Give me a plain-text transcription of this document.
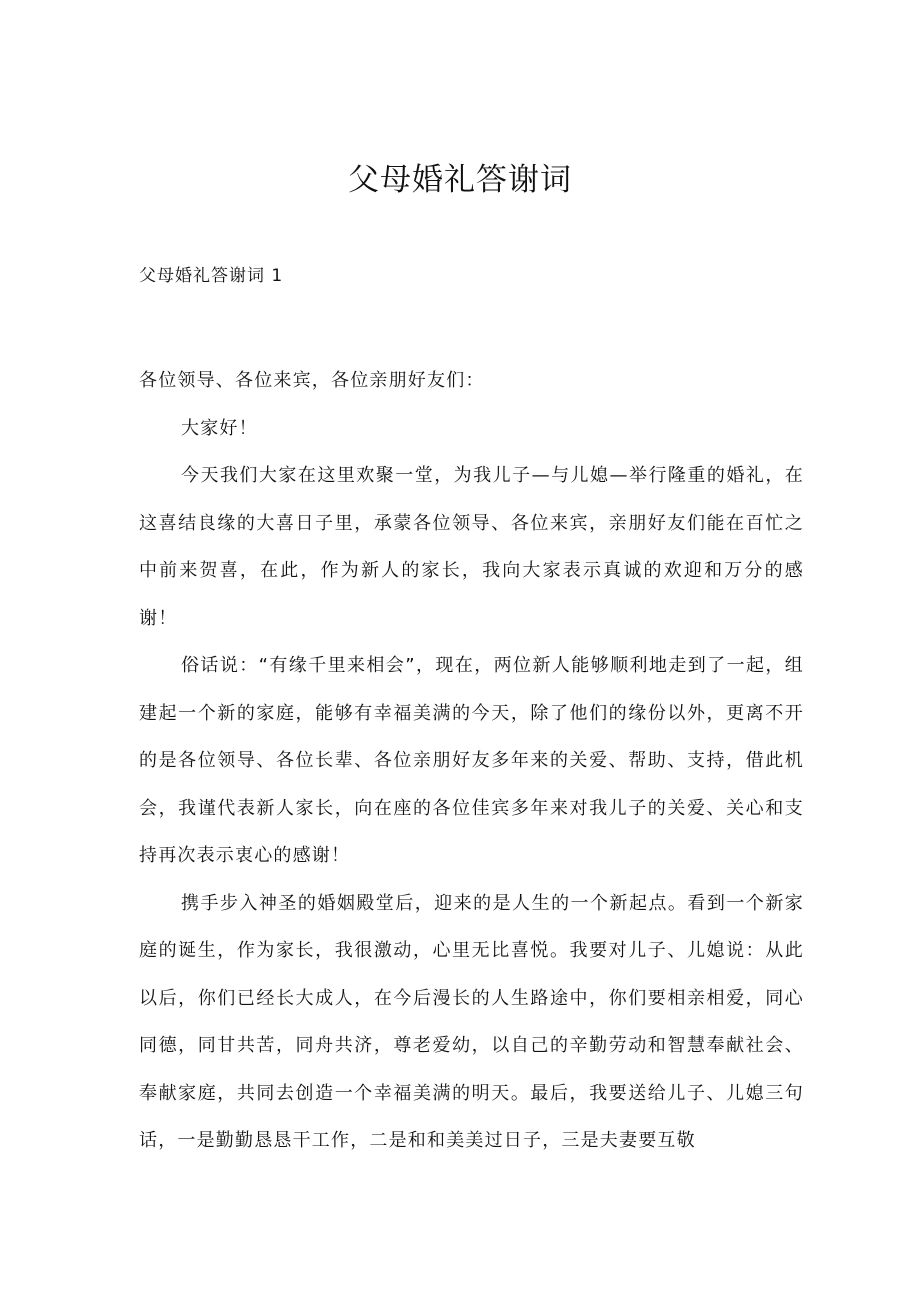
父母婚礼答谢词
父母婚礼答谢词 1

各位领导、各位来宾，各位亲朋好友们：

大家好！

今天我们大家在这里欢聚一堂，为我儿子—与儿媳—举行隆重的婚礼，在这喜结良缘的大喜日子里，承蒙各位领导、各位来宾，亲朋好友们能在百忙之中前来贺喜，在此，作为新人的家长，我向大家表示真诚的欢迎和万分的感谢！

俗话说：“有缘千里来相会”，现在，两位新人能够顺利地走到了一起，组建起一个新的家庭，能够有幸福美满的今天，除了他们的缘份以外，更离不开的是各位领导、各位长辈、各位亲朋好友多年来的关爱、帮助、支持，借此机会，我谨代表新人家长，向在座的各位佳宾多年来对我儿子的关爱、关心和支持再次表示衷心的感谢！

携手步入神圣的婚姻殿堂后，迎来的是人生的一个新起点。看到一个新家庭的诞生，作为家长，我很激动，心里无比喜悦。我要对儿子、儿媳说：从此以后，你们已经长大成人，在今后漫长的人生路途中，你们要相亲相爱，同心同德，同甘共苦，同舟共济，尊老爱幼，以自己的辛勤劳动和智慧奉献社会、奉献家庭，共同去创造一个幸福美满的明天。最后，我要送给儿子、儿媳三句话，一是勤勤恳恳干工作，二是和和美美过日子，三是夫妻要互敬
